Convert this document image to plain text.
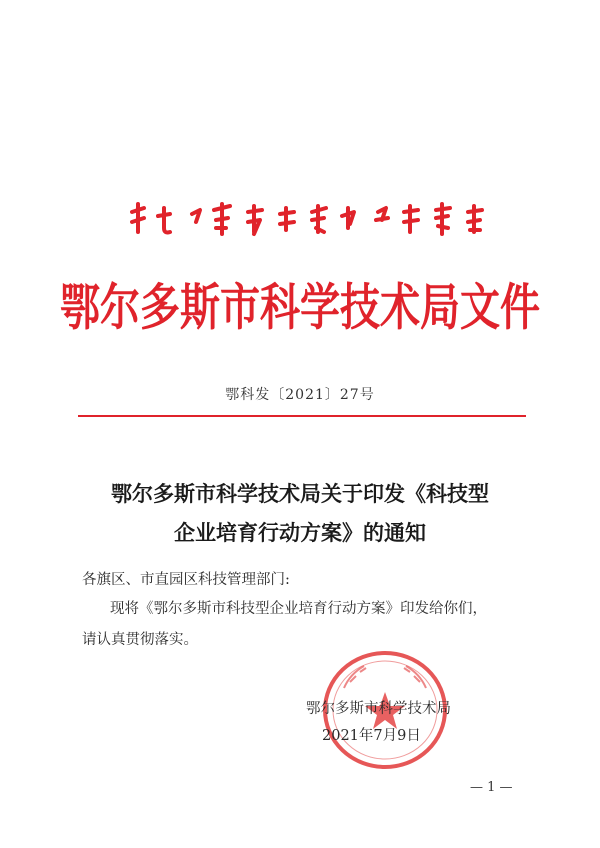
鄂尔多斯市科学技术局文件
鄂科发〔2021〕27号
鄂尔多斯市科学技术局关于印发《科技型
企业培育行动方案》的通知
各旗区、市直园区科技管理部门:
现将《鄂尔多斯市科技型企业培育行动方案》印发给你们，
请认真贯彻落实。
鄂尔多斯市科学技术局
2021年7月9日
— 1 —
